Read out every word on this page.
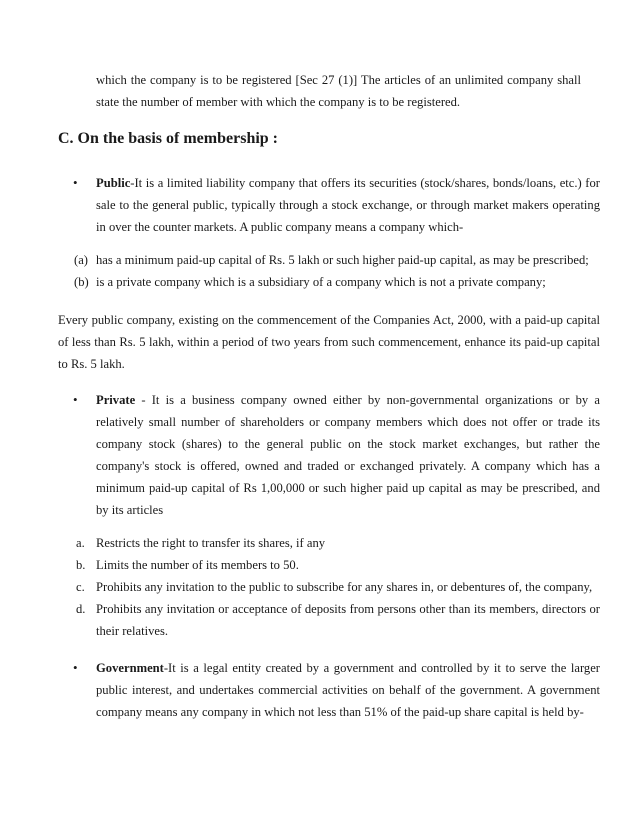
which the company is to be registered [Sec 27 (1)] The articles of an unlimited company shall state the number of member with which the company is to be registered.

C. On the basis of membership :
• Public-It is a limited liability company that offers its securities (stock/shares, bonds/loans, etc.) for sale to the general public, typically through a stock exchange, or through market makers operating in over the counter markets. A public company means a company which-

(a) has a minimum paid-up capital of Rs. 5 lakh or such higher paid-up capital, as may be prescribed;

(b) is a private company which is a subsidiary of a company which is not a private company;

Every public company, existing on the commencement of the Companies Act, 2000, with a paid-up capital of less than Rs. 5 lakh, within a period of two years from such commencement, enhance its paid-up capital to Rs. 5 lakh.

• Private - It is a business company owned either by non-governmental organizations or by a relatively small number of shareholders or company members which does not offer or trade its company stock (shares) to the general public on the stock market exchanges, but rather the company's stock is offered, owned and traded or exchanged privately. A company which has a minimum paid-up capital of Rs 1,00,000 or such higher paid up capital as may be prescribed, and by its articles

a. Restricts the right to transfer its shares, if any

b. Limits the number of its members to 50.

c. Prohibits any invitation to the public to subscribe for any shares in, or debentures of, the company,

d. Prohibits any invitation or acceptance of deposits from persons other than its members, directors or their relatives.

• Government-It is a legal entity created by a government and controlled by it to serve the larger public interest, and undertakes commercial activities on behalf of the government. A government company means any company in which not less than 51% of the paid-up share capital is held by-
